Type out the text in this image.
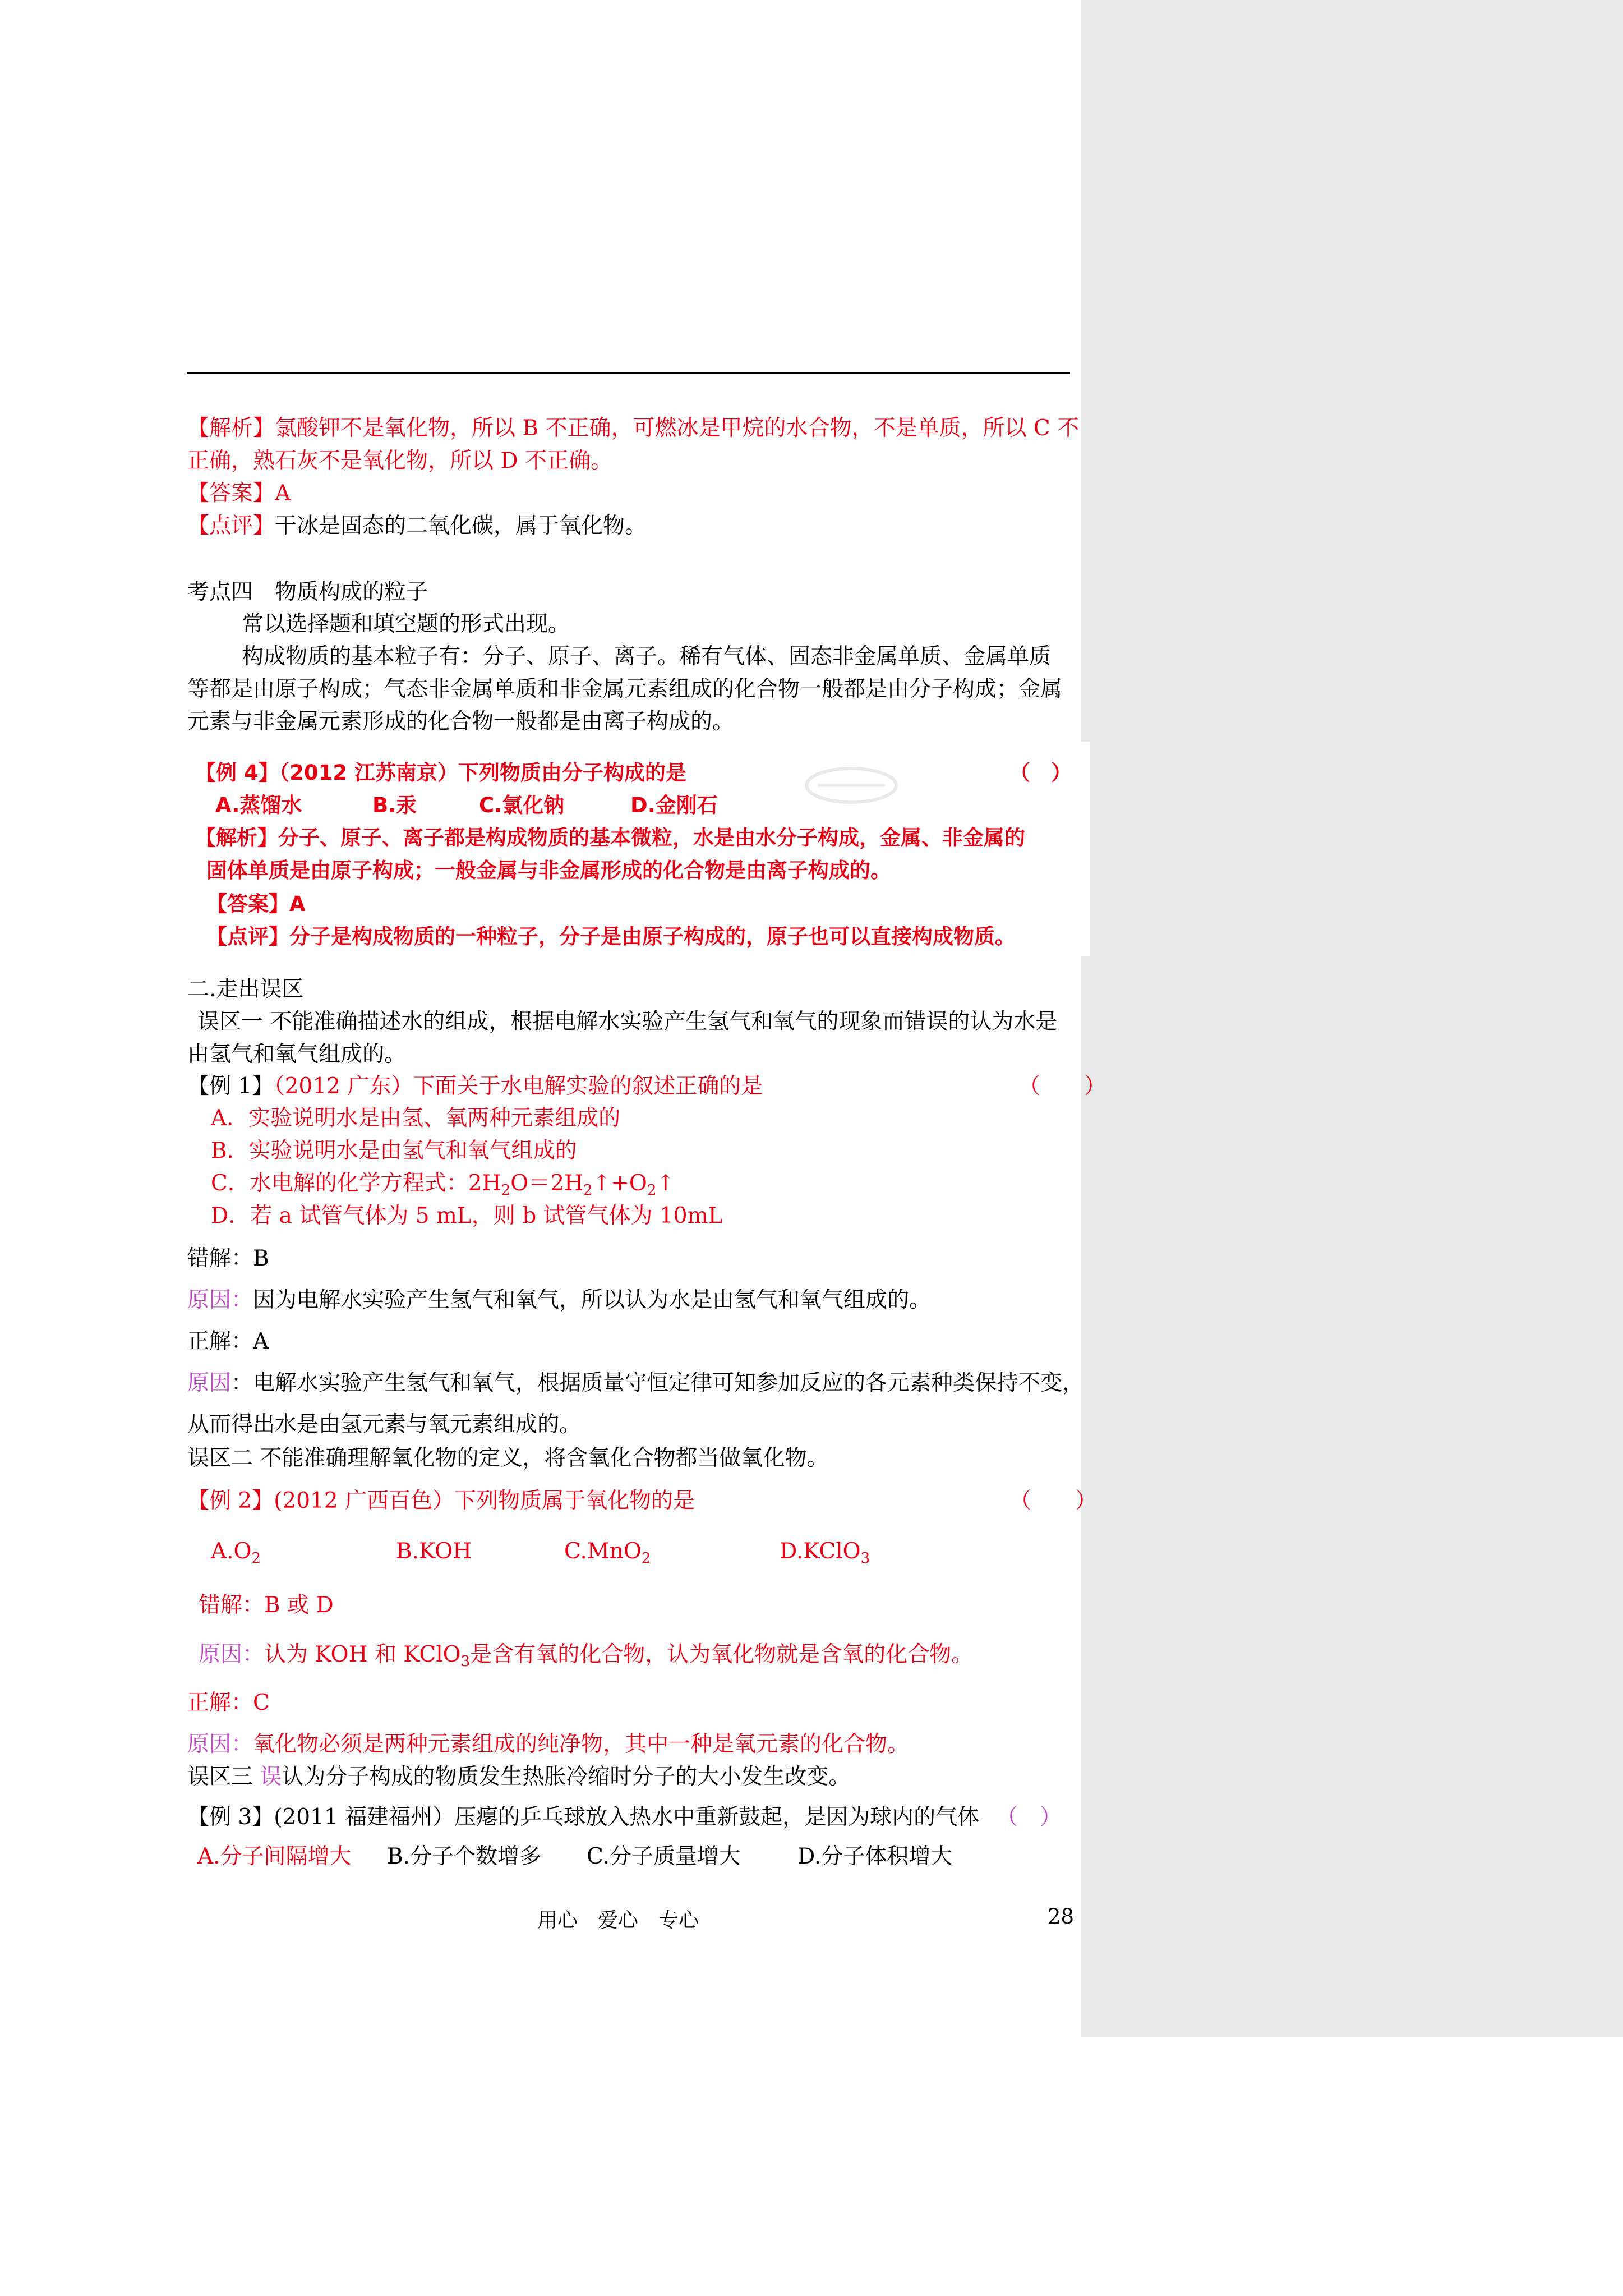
【解析】氯酸钾不是氧化物，所以 B 不正确，可燃冰是甲烷的水合物，不是单质，所以 C 不
正确，熟石灰不是氧化物，所以 D 不正确。
【答案】A
【点评】干冰是固态的二氧化碳，属于氧化物。
考点四　物质构成的粒子
常以选择题和填空题的形式出现。
构成物质的基本粒子有：分子、原子、离子。稀有气体、固态非金属单质、金属单质
等都是由原子构成；气态非金属单质和非金属元素组成的化合物一般都是由分子构成；金属
元素与非金属元素形成的化合物一般都是由离子构成的。
【例 4】（2012 江苏南京）下列物质由分子构成的是	（　）
A.蒸馏水	B.汞	C.氯化钠	D.金刚石
【解析】分子、原子、离子都是构成物质的基本微粒，水是由水分子构成，金属、非金属的
固体单质是由原子构成；一般金属与非金属形成的化合物是由离子构成的。
【答案】A
【点评】分子是构成物质的一种粒子，分子是由原子构成的，原子也可以直接构成物质。
二.走出误区
误区一 不能准确描述水的组成，根据电解水实验产生氢气和氧气的现象而错误的认为水是
由氢气和氧气组成的。
【例 1】（2012 广东）下面关于水电解实验的叙述正确的是	（　　）
A．实验说明水是由氢、氧两种元素组成的
B．实验说明水是由氢气和氧气组成的
C．水电解的化学方程式：$2H_2O=2H_2↑+O_2↑$
D．若 a 试管气体为 5 mL，则 b 试管气体为 10mL
错解：B
原因：因为电解水实验产生氢气和氧气，所以认为水是由氢气和氧气组成的。
正解：A
原因：电解水实验产生氢气和氧气，根据质量守恒定律可知参加反应的各元素种类保持不变，
从而得出水是由氢元素与氧元素组成的。
误区二 不能准确理解氧化物的定义，将含氧化合物都当做氧化物。
【例 2】(2012 广西百色）下列物质属于氧化物的是	（　　）
$A.O_2$	B.KOH	C.MnO$_2$	D.KClO$_3$
错解：B 或 D
原因：认为 KOH 和 KClO$_3$是含有氧的化合物，认为氧化物就是含氧的化合物。
正解：C
原因：氧化物必须是两种元素组成的纯净物，其中一种是氧元素的化合物。
误区三 误认为分子构成的物质发生热胀冷缩时分子的大小发生改变。
【例 3】(2011 福建福州）压瘪的乒乓球放入热水中重新鼓起，是因为球内的气体 （　）
A.分子间隔增大 B.分子个数增多 C.分子质量增大	D.分子体积增大
用心　爱心　专心	28
